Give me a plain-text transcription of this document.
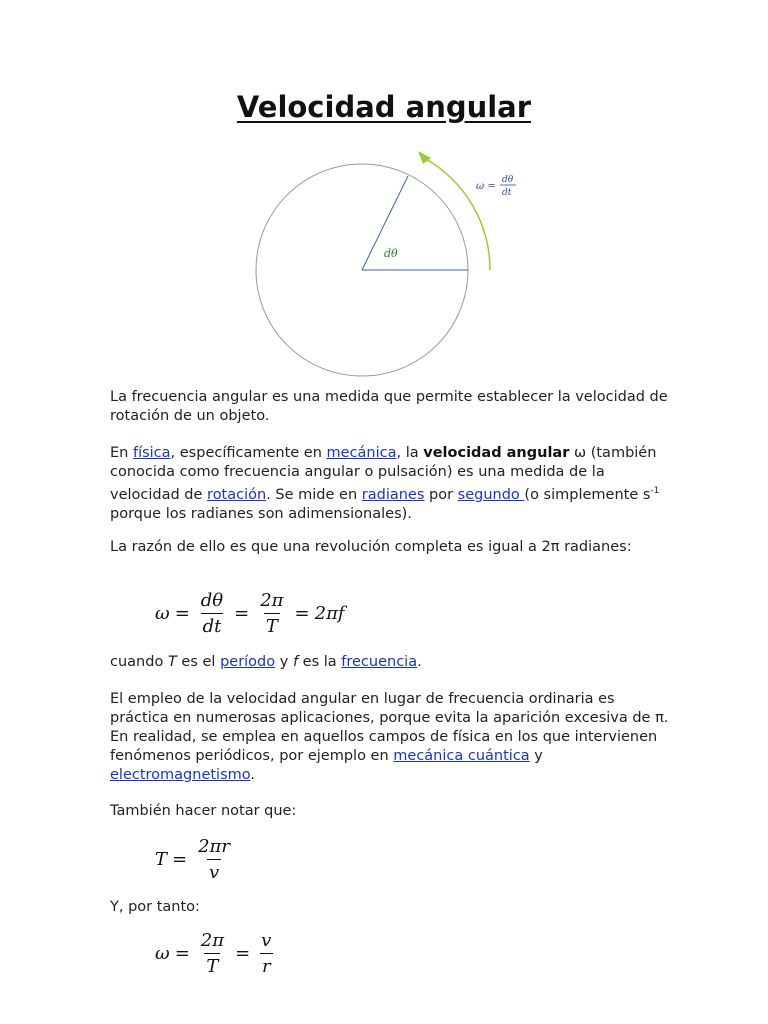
Velocidad angular
dθ
ω =
dθ
dt
La frecuencia angular es una medida que permite establecer la velocidad de rotación de un objeto.
En física, específicamente en mecánica, la velocidad angular ω (también conocida como frecuencia angular o pulsación) es una medida de la velocidad de rotación. Se mide en radianes por segundo (o simplemente $s^{-1}$ porque los radianes son adimensionales).
La razón de ello es que una revolución completa es igual a 2π radianes:
$\omega = \frac{d\theta}{dt} = \frac{2\pi}{T} = 2\pi f$
cuando T es el período y f es la frecuencia.
El empleo de la velocidad angular en lugar de frecuencia ordinaria es práctica en numerosas aplicaciones, porque evita la aparición excesiva de π. En realidad, se emplea en aquellos campos de física en los que intervienen fenómenos periódicos, por ejemplo en mecánica cuántica y electromagnetismo.
También hacer notar que:
$T = \frac{2\pi r}{v}$
Y, por tanto:
$\omega = \frac{2\pi}{T} = \frac{v}{r}$
